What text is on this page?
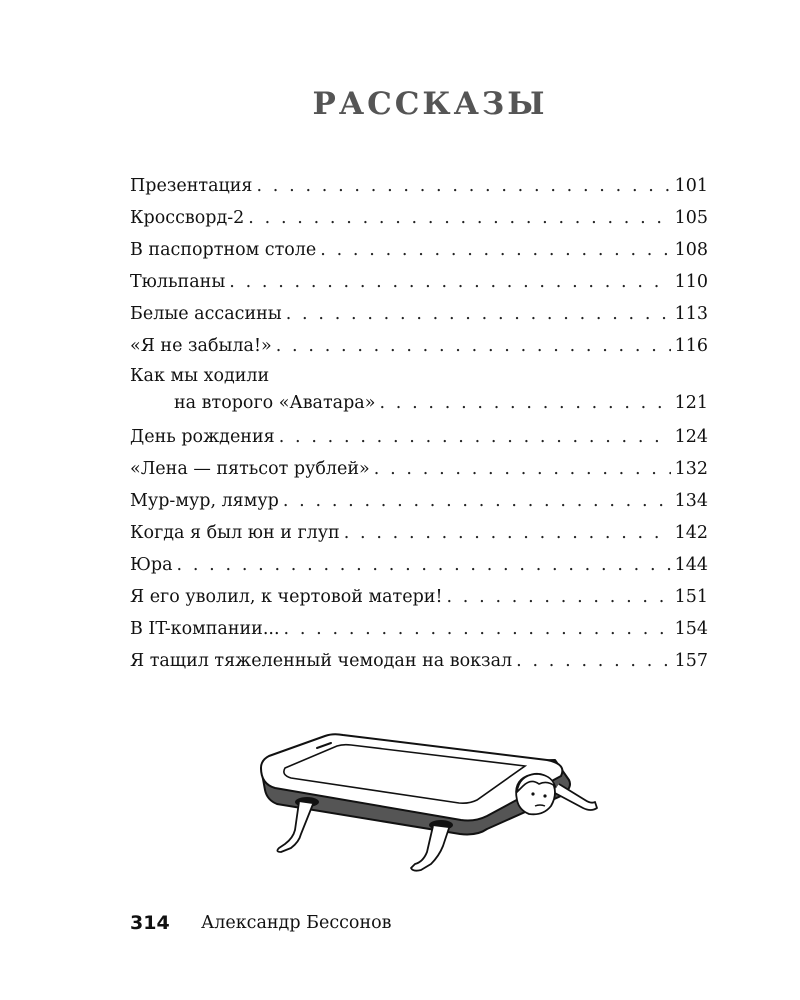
РАССКАЗЫ
Презентация . . .	101
Кроссворд-2 . . .	105
В паспортном столе . . .	108
Тюльпаны . . .	110
Белые ассасины . . .	113
«Я не забыла!» . . .	116
Как мы ходили
на второго «Аватара» . . .	121
День рождения . . .	124
«Лена — пятьсот рублей» . . .	132
Мур-мур, лямур . . .	134
Когда я был юн и глуп . . .	142
Юра . . .	144
Я его уволил, к чертовой матери! . . .	151
В IT-компании... . . .	154
Я тащил тяжеленный чемодан на вокзал . . .	157
314 Александр Бессонов
